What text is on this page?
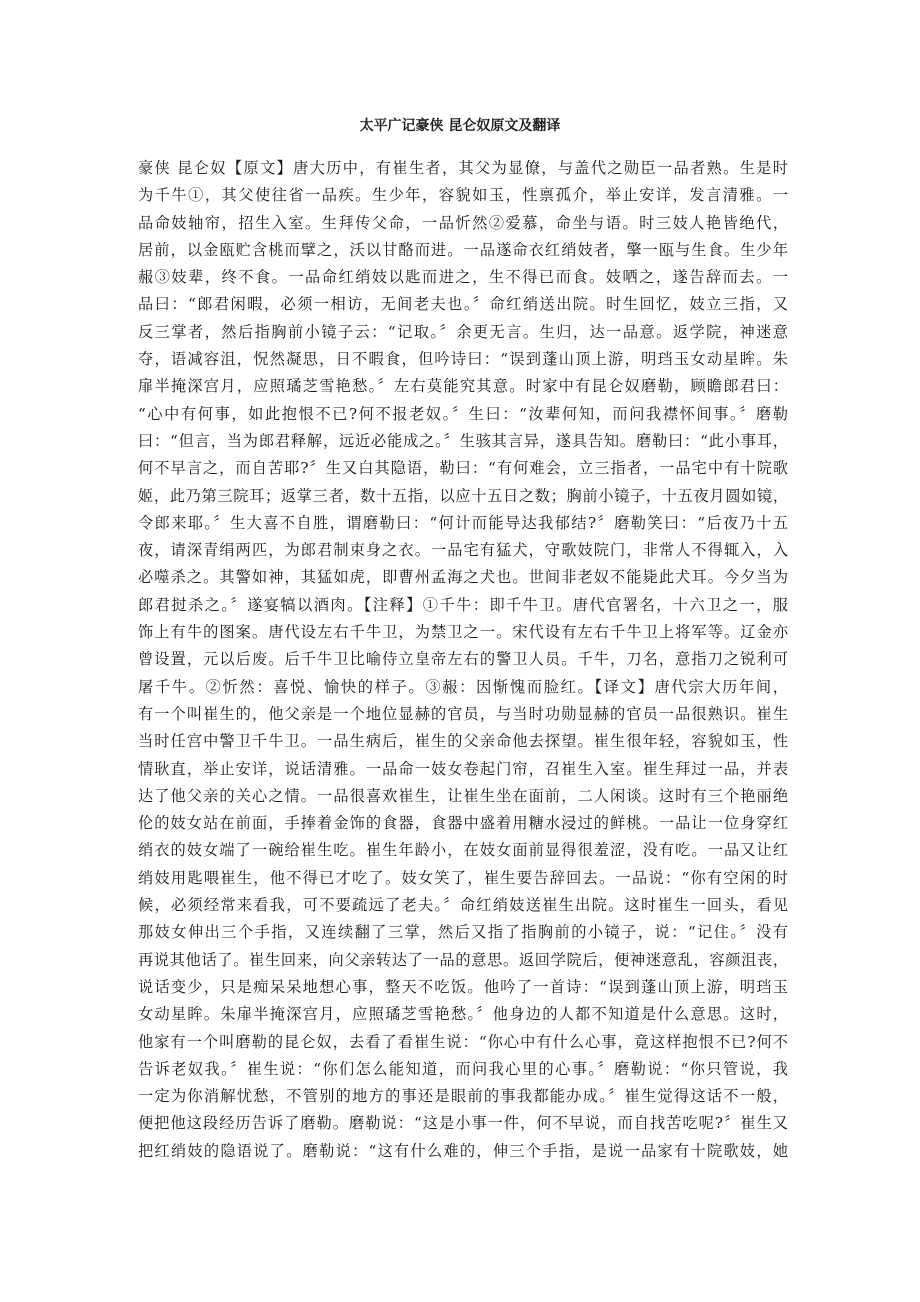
太平广记豪侠 昆仑奴原文及翻译
豪侠 昆仑奴【原文】唐大历中，有崔生者，其父为显僚，与盖代之勋臣一品者熟。生是时
为千牛①，其父使往省一品疾。生少年，容貌如玉，性禀孤介，举止安详，发言清雅。一
品命妓轴帘，招生入室。生拜传父命，一品忻然②爱慕，命坐与语。时三妓人艳皆绝代，
居前，以金瓯贮含桃而擘之，沃以甘酪而进。一品遂命衣红绡妓者，擎一瓯与生食。生少年
赧③妓辈，终不食。一品命红绡妓以匙而进之，生不得已而食。妓哂之，遂告辞而去。一
品曰：“郎君闲暇，必须一相访，无间老夫也。〞命红绡送出院。时生回忆，妓立三指，又
反三掌者，然后指胸前小镜子云：“记取。〞余更无言。生归，达一品意。返学院，神迷意
夺，语减容沮，怳然凝思，日不暇食，但吟诗曰：“误到蓬山顶上游，明珰玉女动星眸。朱
扉半掩深宫月，应照璚芝雪艳愁。〞左右莫能究其意。时家中有昆仑奴磨勒，顾瞻郎君曰：
“心中有何事，如此抱恨不已?何不报老奴。〞生曰：“汝辈何知，而问我襟怀间事。〞磨勒
曰：“但言，当为郎君释解，远近必能成之。〞生骇其言异，遂具告知。磨勒曰：“此小事耳，
何不早言之，而自苦耶?〞生又白其隐语，勒曰：“有何难会，立三指者，一品宅中有十院歌
姬，此乃第三院耳；返掌三者，数十五指，以应十五日之数；胸前小镜子，十五夜月圆如镜，
令郎来耶。〞生大喜不自胜，谓磨勒曰：“何计而能导达我郁结?〞磨勒笑曰：“后夜乃十五
夜，请深青绢两匹，为郎君制束身之衣。一品宅有猛犬，守歌妓院门，非常人不得辄入，入
必噬杀之。其警如神，其猛如虎，即曹州孟海之犬也。世间非老奴不能毙此犬耳。今夕当为
郎君挝杀之。〞遂宴犒以酒肉。【注释】①千牛：即千牛卫。唐代官署名，十六卫之一，服
饰上有牛的图案。唐代设左右千牛卫，为禁卫之一。宋代设有左右千牛卫上将军等。辽金亦
曾设置，元以后废。后千牛卫比喻侍立皇帝左右的警卫人员。千牛，刀名，意指刀之锐利可
屠千牛。②忻然：喜悦、愉快的样子。③赧：因惭愧而脸红。【译文】唐代宗大历年间，
有一个叫崔生的，他父亲是一个地位显赫的官员，与当时功勋显赫的官员一品很熟识。崔生
当时任宫中警卫千牛卫。一品生病后，崔生的父亲命他去探望。崔生很年轻，容貌如玉，性
情耿直，举止安详，说话清雅。一品命一妓女卷起门帘，召崔生入室。崔生拜过一品，并表
达了他父亲的关心之情。一品很喜欢崔生，让崔生坐在面前，二人闲谈。这时有三个艳丽绝
伦的妓女站在前面，手捧着金饰的食器，食器中盛着用糖水浸过的鲜桃。一品让一位身穿红
绡衣的妓女端了一碗给崔生吃。崔生年龄小，在妓女面前显得很羞涩，没有吃。一品又让红
绡妓用匙喂崔生，他不得已才吃了。妓女笑了，崔生要告辞回去。一品说：“你有空闲的时
候，必须经常来看我，可不要疏远了老夫。〞命红绡妓送崔生出院。这时崔生一回头，看见
那妓女伸出三个手指，又连续翻了三掌，然后又指了指胸前的小镜子，说：“记住。〞没有
再说其他话了。崔生回来，向父亲转达了一品的意思。返回学院后，便神迷意乱，容颜沮丧，
说话变少，只是痴呆呆地想心事，整天不吃饭。他吟了一首诗：“误到蓬山顶上游，明珰玉
女动星眸。朱扉半掩深宫月，应照璚芝雪艳愁。〞他身边的人都不知道是什么意思。这时，
他家有一个叫磨勒的昆仑奴，去看了看崔生说：“你心中有什么心事，竟这样抱恨不已?何不
告诉老奴我。〞崔生说：“你们怎么能知道，而问我心里的心事。〞磨勒说：“你只管说，我
一定为你消解忧愁，不管别的地方的事还是眼前的事我都能办成。〞崔生觉得这话不一般，
便把他这段经历告诉了磨勒。磨勒说：“这是小事一件，何不早说，而自找苦吃呢?〞崔生又
把红绡妓的隐语说了。磨勒说：“这有什么难的，伸三个手指，是说一品家有十院歌妓，她
